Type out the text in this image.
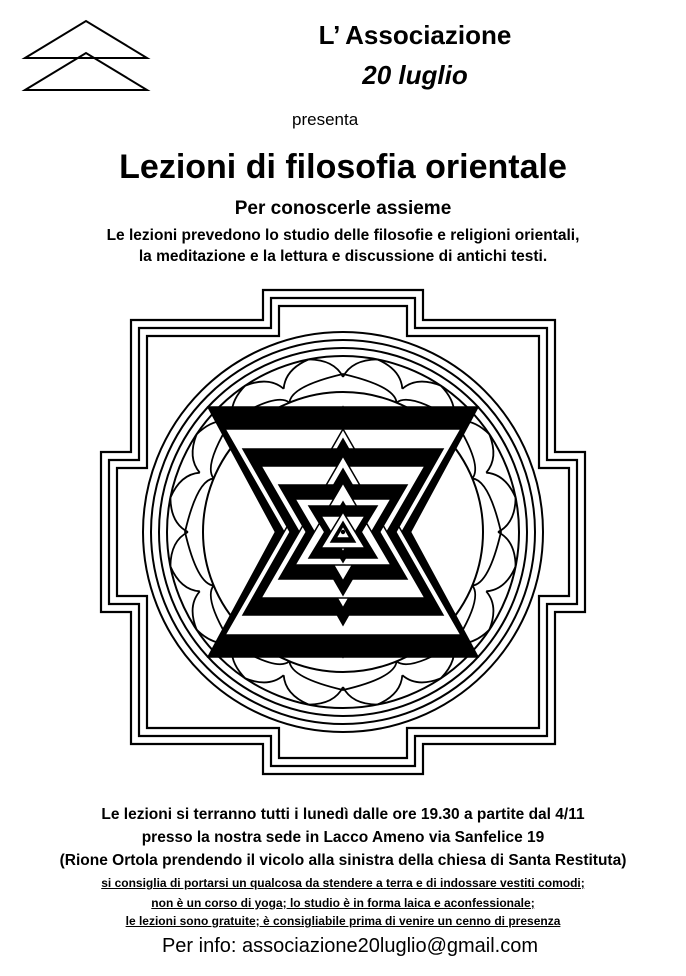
L’ Associazione
20 luglio
presenta
Lezioni di filosofia orientale
Per conoscerle assieme
Le lezioni prevedono lo studio delle filosofie e religioni orientali,
la meditazione e la lettura e discussione di antichi testi.
Le lezioni si terranno tutti i lunedì dalle ore 19.30 a partite dal 4/11
presso la nostra sede in Lacco Ameno via Sanfelice 19
(Rione Ortola prendendo il vicolo alla sinistra della chiesa di Santa Restituta)
si consiglia di portarsi un qualcosa da stendere a terra e di indossare vestiti comodi;
non è un corso di yoga; lo studio è in forma laica e aconfessionale;
le lezioni sono gratuite; è consigliabile prima di venire un cenno di presenza
Per info: associazione20luglio@gmail.com
